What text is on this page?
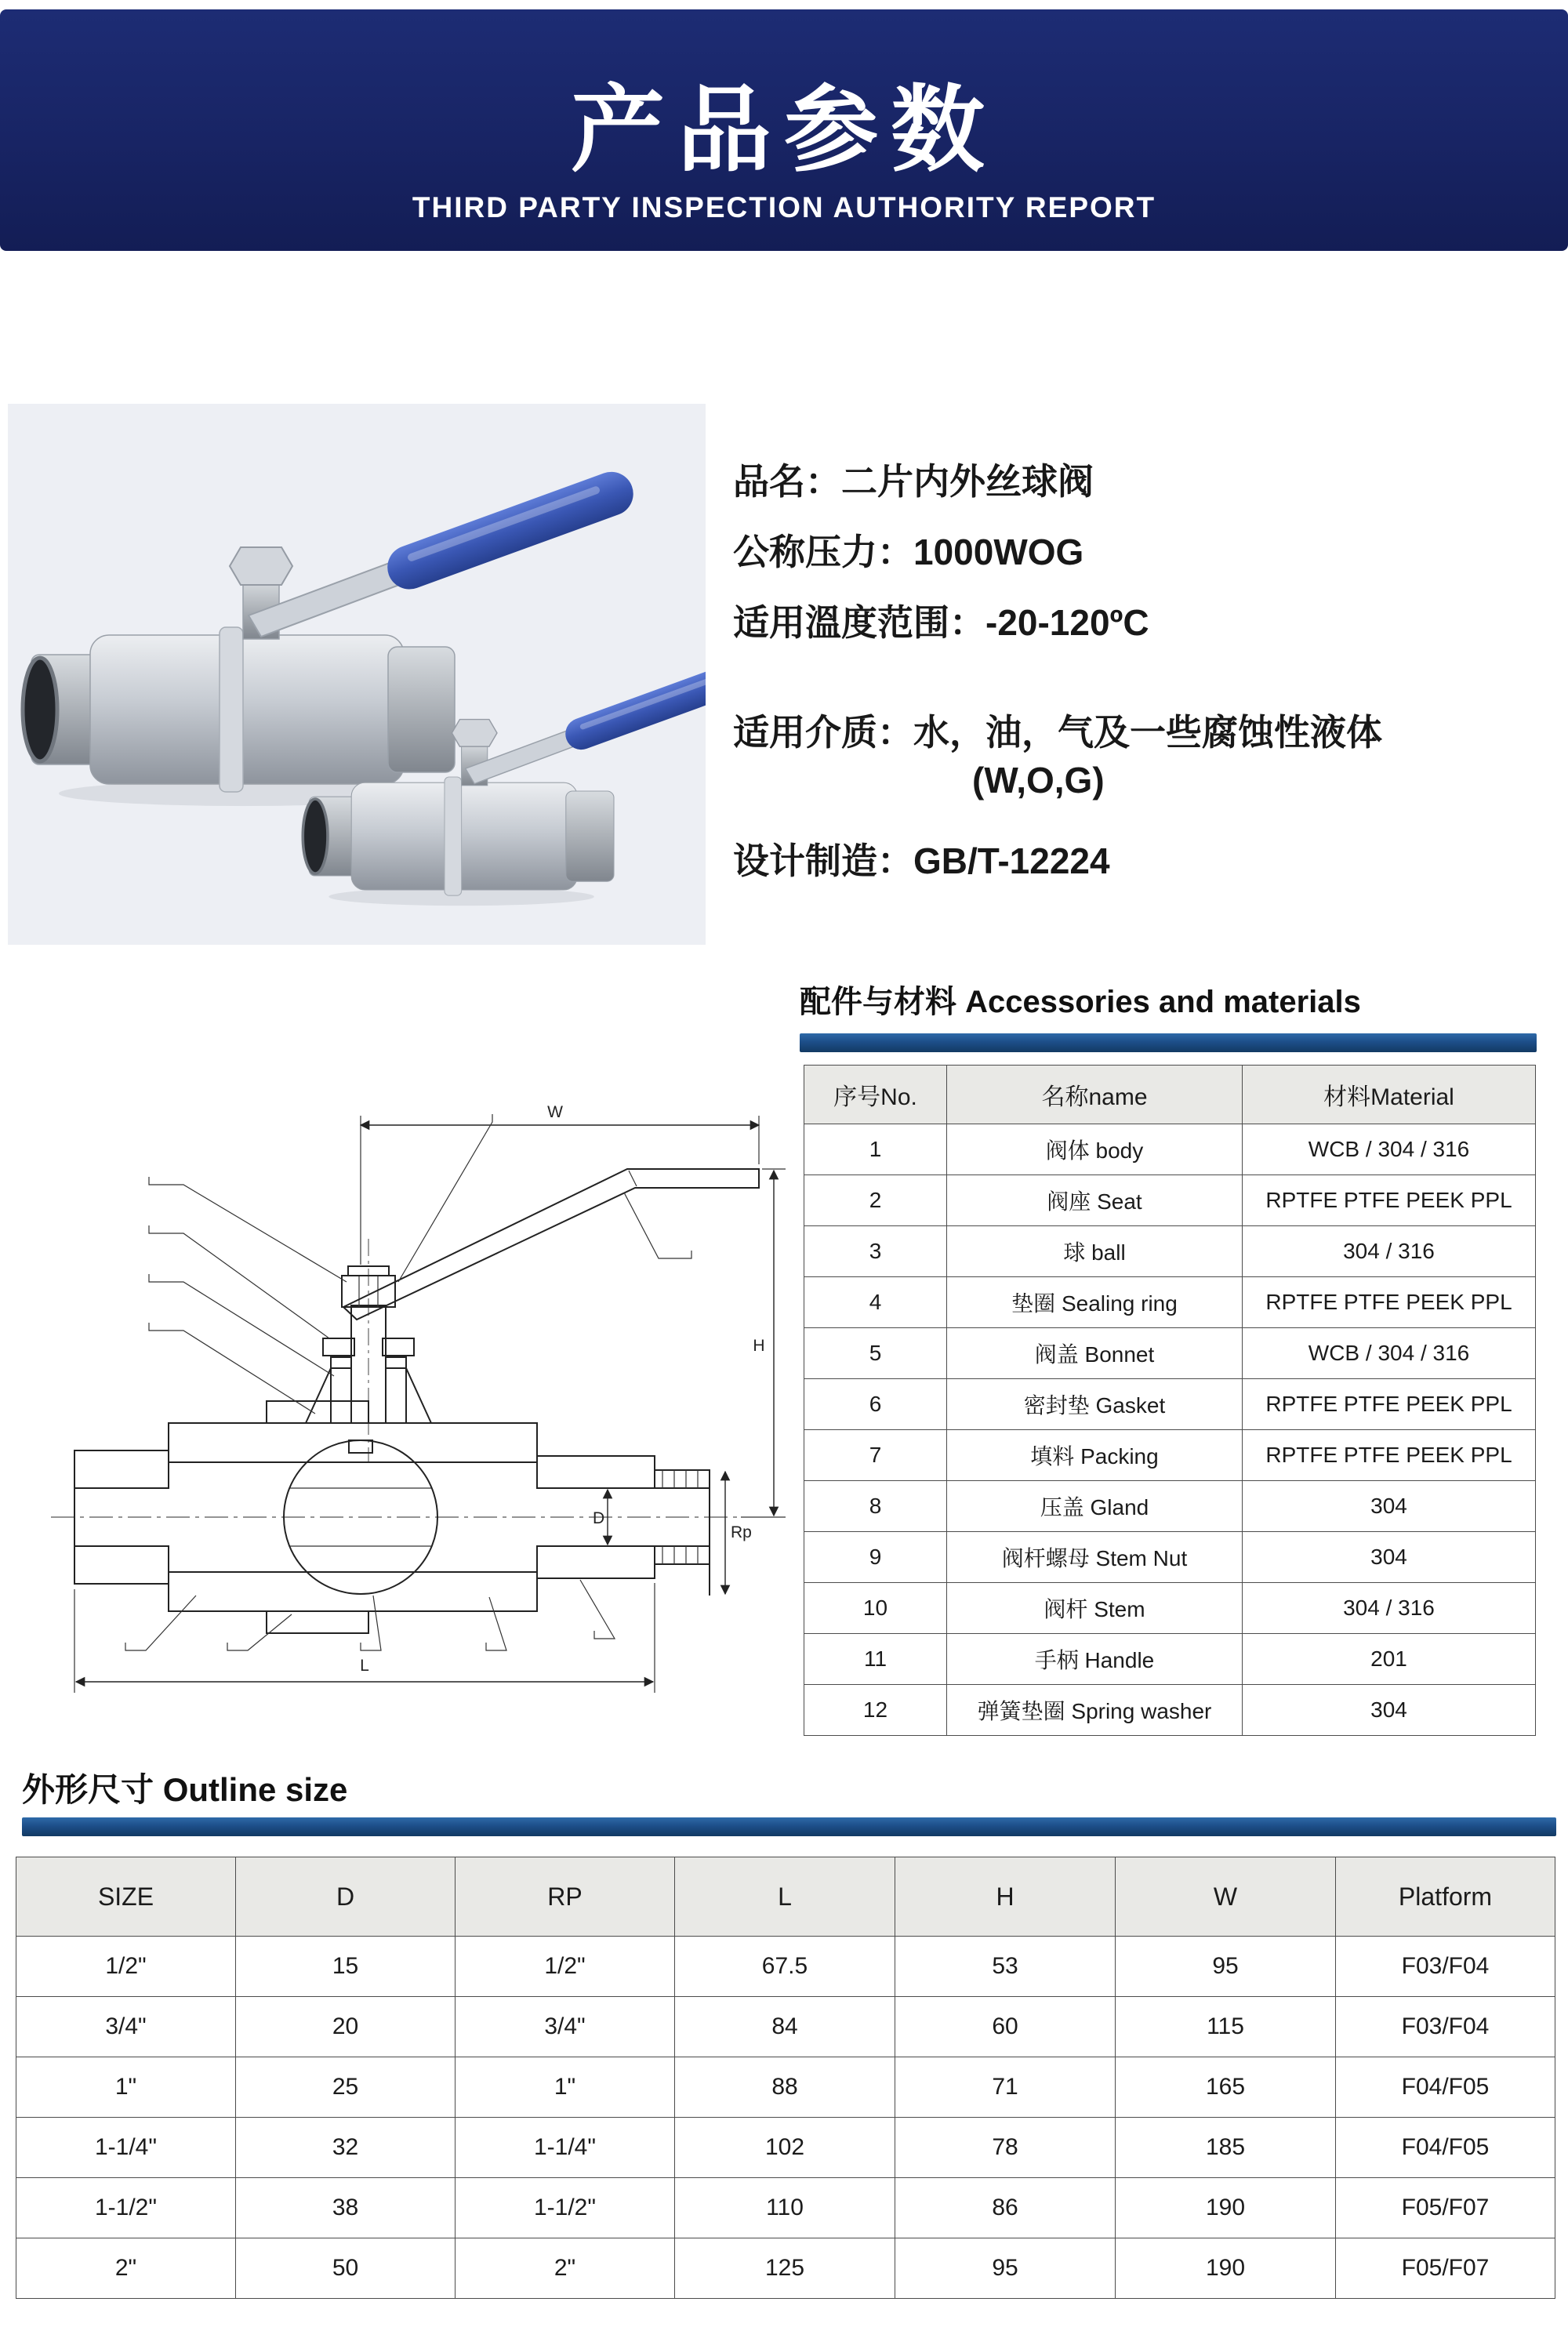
产品参数
THIRD PARTY INSPECTION AUTHORITY REPORT
品名：二片内外丝球阀
公称压力：1000WOG
适用溫度范围：-20-120ºC
适用介质：水，油，气及一些腐蚀性液体
(W,O,G)
设计制造：GB/T-12224
配件与材料 Accessories and materials
序号No.	名称name	材料Material
1	阀体 body	WCB / 304 / 316
2	阀座 Seat	RPTFE PTFE PEEK PPL
3	球 ball	304 / 316
4	垫圈 Sealing ring	RPTFE PTFE PEEK PPL
5	阀盖 Bonnet	WCB / 304 / 316
6	密封垫 Gasket	RPTFE PTFE PEEK PPL
7	填料 Packing	RPTFE PTFE PEEK PPL
8	压盖 Gland	304
9	阀杆螺母 Stem Nut	304
10	阀杆 Stem	304 / 316
11	手柄 Handle	201
12	弹簧垫圈 Spring washer	304
W
H
L
D
Rp
外形尺寸 Outline size
SIZE	D	RP	L	H	W	Platform
1/2"	15	1/2"	67.5	53	95	F03/F04
3/4"	20	3/4"	84	60	115	F03/F04
1"	25	1"	88	71	165	F04/F05
1-1/4"	32	1-1/4"	102	78	185	F04/F05
1-1/2"	38	1-1/2"	110	86	190	F05/F07
2"	50	2"	125	95	190	F05/F07
